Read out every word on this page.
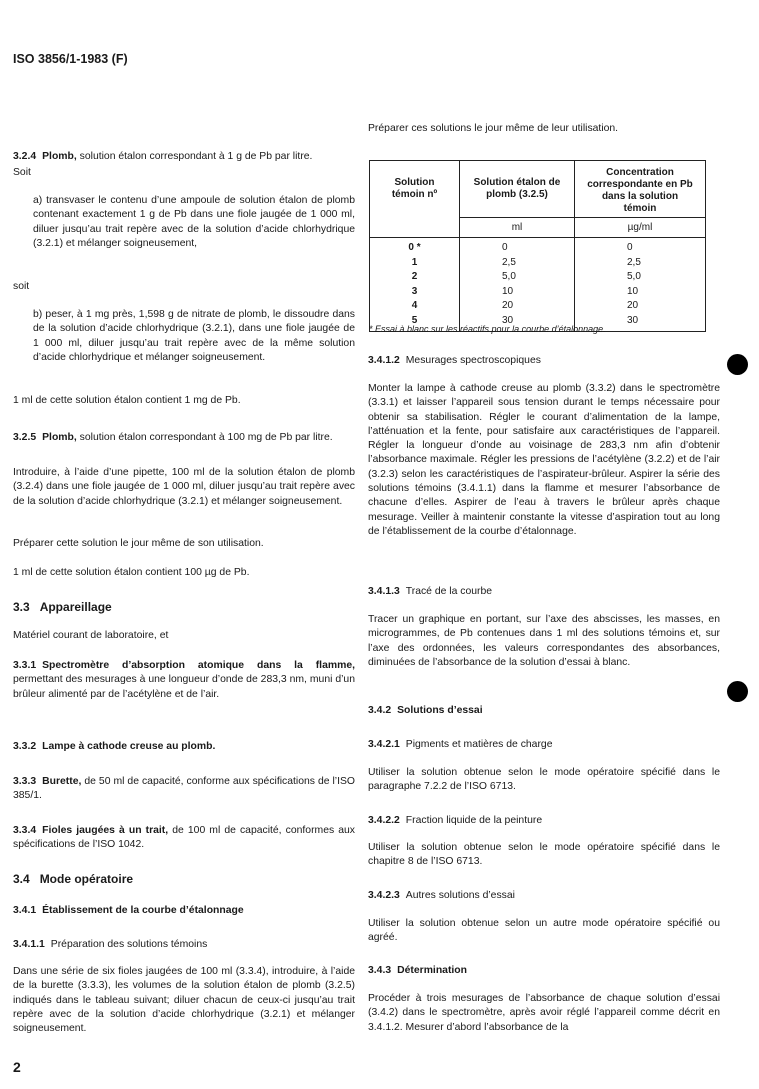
ISO 3856/1-1983 (F)
3.2.4 Plomb, solution étalon correspondant à 1 g de Pb par litre.
Soit
a) transvaser le contenu d’une ampoule de solution étalon de plomb contenant exactement 1 g de Pb dans une fiole jaugée de 1 000 ml, diluer jusqu’au trait repère avec de la solution d’acide chlorhydrique (3.2.1) et mélanger soigneusement,
soit
b) peser, à 1 mg près, 1,598 g de nitrate de plomb, le dissoudre dans de la solution d’acide chlorhydrique (3.2.1), dans une fiole jaugée de 1 000 ml, diluer jusqu’au trait repère avec de la même solution d’acide chlorhydrique et mélanger soigneusement.
1 ml de cette solution étalon contient 1 mg de Pb.
3.2.5 Plomb, solution étalon correspondant à 100 mg de Pb par litre.
Introduire, à l’aide d’une pipette, 100 ml de la solution étalon de plomb (3.2.4) dans une fiole jaugée de 1 000 ml, diluer jusqu’au trait repère avec de la solution d’acide chlorhydrique (3.2.1) et mélanger soigneusement.
Préparer cette solution le jour même de son utilisation.
1 ml de cette solution étalon contient 100 µg de Pb.
3.3 Appareillage
Matériel courant de laboratoire, et
3.3.1 Spectromètre d’absorption atomique dans la flamme, permettant des mesurages à une longueur d’onde de 283,3 nm, muni d’un brûleur alimenté par de l’acétylène et de l’air.
3.3.2 Lampe à cathode creuse au plomb.
3.3.3 Burette, de 50 ml de capacité, conforme aux spécifications de l’ISO 385/1.
3.3.4 Fioles jaugées à un trait, de 100 ml de capacité, conformes aux spécifications de l’ISO 1042.
3.4 Mode opératoire
3.4.1 Établissement de la courbe d’étalonnage
3.4.1.1 Préparation des solutions témoins
Dans une série de six fioles jaugées de 100 ml (3.3.4), introduire, à l’aide de la burette (3.3.3), les volumes de la solution étalon de plomb (3.2.5) indiqués dans le tableau suivant; diluer chacun de ceux-ci jusqu’au trait repère avec de la solution d’acide chlorhydrique (3.2.1) et mélanger soigneusement.
2
Préparer ces solutions le jour même de leur utilisation.
Solution témoin nº	Solution étalon de plomb (3.2.5)	Concentration correspondante en Pb dans la solution témoin
	ml	µg/ml
0 *	0	0
1	2,5	2,5
2	5,0	5,0
3	10	10
4	20	20
5	30	30
* Essai à blanc sur les réactifs pour la courbe d’étalonnage.
3.4.1.2 Mesurages spectroscopiques
Monter la lampe à cathode creuse au plomb (3.3.2) dans le spectromètre (3.3.1) et laisser l’appareil sous tension durant le temps nécessaire pour obtenir sa stabilisation. Régler le courant d’alimentation de la lampe, l’atténuation et la fente, pour satisfaire aux caractéristiques de l’appareil. Régler la longueur d’onde au voisinage de 283,3 nm afin d’obtenir l’absorbance maximale. Régler les pressions de l’acétylène (3.2.2) et de l’air (3.2.3) selon les caractéristiques de l’aspirateur-brûleur. Aspirer la série des solutions témoins (3.4.1.1) dans la flamme et mesurer l’absorbance de chacune d’elles. Aspirer de l’eau à travers le brûleur après chaque mesurage. Veiller à maintenir constante la vitesse d’aspiration tout au long de l’établissement de la courbe d’étalonnage.
3.4.1.3 Tracé de la courbe
Tracer un graphique en portant, sur l’axe des abscisses, les masses, en microgrammes, de Pb contenues dans 1 ml des solutions témoins et, sur l’axe des ordonnées, les valeurs correspondantes des absorbances, diminuées de l’absorbance de la solution d’essai à blanc.
3.4.2 Solutions d’essai
3.4.2.1 Pigments et matières de charge
Utiliser la solution obtenue selon le mode opératoire spécifié dans le paragraphe 7.2.2 de l’ISO 6713.
3.4.2.2 Fraction liquide de la peinture
Utiliser la solution obtenue selon le mode opératoire spécifié dans le chapitre 8 de l’ISO 6713.
3.4.2.3 Autres solutions d’essai
Utiliser la solution obtenue selon un autre mode opératoire spécifié ou agréé.
3.4.3 Détermination
Procéder à trois mesurages de l’absorbance de chaque solution d’essai (3.4.2) dans le spectromètre, après avoir réglé l’appareil comme décrit en 3.4.1.2. Mesurer d’abord l’absorbance de la
